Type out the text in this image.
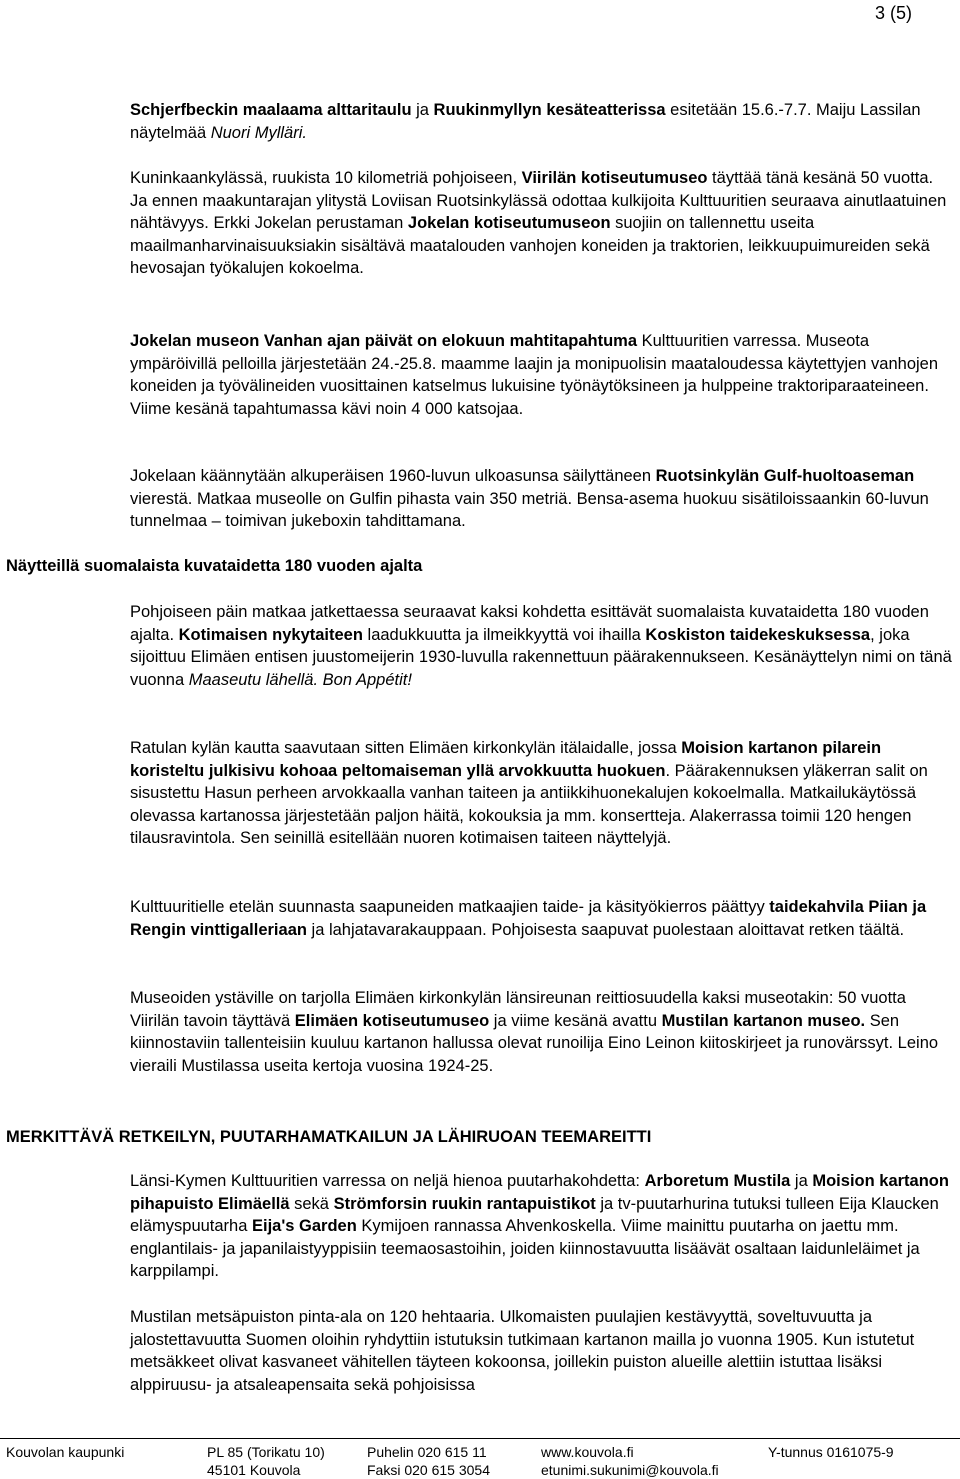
3 (5)

Schjerfbeckin maalaama alttaritaulu ja Ruukinmyllyn kesäteatterissa esitetään 15.6.-7.7. Maiju Lassilan näytelmää Nuori Mylläri.

Kuninkaankylässä, ruukista 10 kilometriä pohjoiseen, Viirilän kotiseutumuseo täyttää tänä kesänä 50 vuotta. Ja ennen maakuntarajan ylitystä Loviisan Ruotsinkylässä odottaa kulkijoita Kulttuuritien seuraava ainutlaatuinen nähtävyys. Erkki Jokelan perustaman Jokelan kotiseutumuseon suojiin on tallennettu useita maailmanharvinaisuuksiakin sisältävä maatalouden vanhojen koneiden ja traktorien, leikkuupuimureiden sekä hevosajan työkalujen kokoelma.

Jokelan museon Vanhan ajan päivät on elokuun mahtitapahtuma Kulttuuritien varressa. Museota ympäröivillä pelloilla järjestetään 24.-25.8. maamme laajin ja monipuolisin maataloudessa käytettyjen vanhojen koneiden ja työvälineiden vuosittainen katselmus lukuisine työnäytöksineen ja hulppeine traktoriparaateineen. Viime kesänä tapahtumassa kävi noin 4 000 katsojaa.

Jokelaan käännytään alkuperäisen 1960-luvun ulkoasunsa säilyttäneen Ruotsinkylän Gulf-huoltoaseman vierestä. Matkaa museolle on Gulfin pihasta vain 350 metriä. Bensa-asema huokuu sisätiloissaankin 60-luvun tunnelmaa – toimivan jukeboxin tahdittamana.

Näytteillä suomalaista kuvataidetta 180 vuoden ajalta

Pohjoiseen päin matkaa jatkettaessa seuraavat kaksi kohdetta esittävät suomalaista kuvataidetta 180 vuoden ajalta. Kotimaisen nykytaiteen laadukkuutta ja ilmeikkyyttä voi ihailla Koskiston taidekeskuksessa, joka sijoittuu Elimäen entisen juustomeijerin 1930-luvulla rakennettuun päärakennukseen. Kesänäyttelyn nimi on tänä vuonna Maaseutu lähellä. Bon Appétit!

Ratulan kylän kautta saavutaan sitten Elimäen kirkonkylän itälaidalle, jossa Moision kartanon pilarein koristeltu julkisivu kohoaa peltomaiseman yllä arvokkuutta huokuen. Päärakennuksen yläkerran salit on sisustettu Hasun perheen arvokkaalla vanhan taiteen ja antiikkihuonekalujen kokoelmalla. Matkailukäytössä olevassa kartanossa järjestetään paljon häitä, kokouksia ja mm. konsertteja. Alakerrassa toimii 120 hengen tilausravintola. Sen seinillä esitellään nuoren kotimaisen taiteen näyttelyjä.

Kulttuuritielle etelän suunnasta saapuneiden matkaajien taide- ja käsityökierros päättyy taidekahvila Piian ja Rengin vinttigalleriaan ja lahjatavarakauppaan. Pohjoisesta saapuvat puolestaan aloittavat retken täältä.

Museoiden ystäville on tarjolla Elimäen kirkonkylän länsireunan reittiosuudella kaksi museotakin: 50 vuotta Viirilän tavoin täyttävä Elimäen kotiseutumuseo ja viime kesänä avattu Mustilan kartanon museo. Sen kiinnostaviin tallenteisiin kuuluu kartanon hallussa olevat runoilija Eino Leinon kiitoskirjeet ja runovärssyt. Leino vieraili Mustilassa useita kertoja vuosina 1924-25.

MERKITTÄVÄ RETKEILYN, PUUTARHAMATKAILUN JA LÄHIRUOAN TEEMAREITTI

Länsi-Kymen Kulttuuritien varressa on neljä hienoa puutarhakohdetta: Arboretum Mustila ja Moision kartanon pihapuisto Elimäellä sekä Strömforsin ruukin rantapuistikot ja tv-puutarhurina tutuksi tulleen Eija Klaucken elämyspuutarha Eija's Garden Kymijoen rannassa Ahvenkoskella. Viime mainittu puutarha on jaettu mm. englantilais- ja japanilaistyyppisiin teemaosastoihin, joiden kiinnostavuutta lisäävät osaltaan laidunleläimet ja karppilampi.

Mustilan metsäpuiston pinta-ala on 120 hehtaaria. Ulkomaisten puulajien kestävyyttä, soveltuvuutta ja jalostettavuutta Suomen oloihin ryhdyttiin istutuksin tutkimaan kartanon mailla jo vuonna 1905. Kun istutetut metsäkkeet olivat kasvaneet vähitellen täyteen kokoonsa, joillekin puiston alueille alettiin istuttaa lisäksi alppiruusu- ja atsaleapensaita sekä pohjoisissa

Kouvolan kaupunki	PL 85 (Torikatu 10)
45101 Kouvola
Puhelin 020 615 11
Faksi 020 615 3054
www.kouvola.fi
etunimi.sukunimi@kouvola.fi
Y-tunnus 0161075-9
